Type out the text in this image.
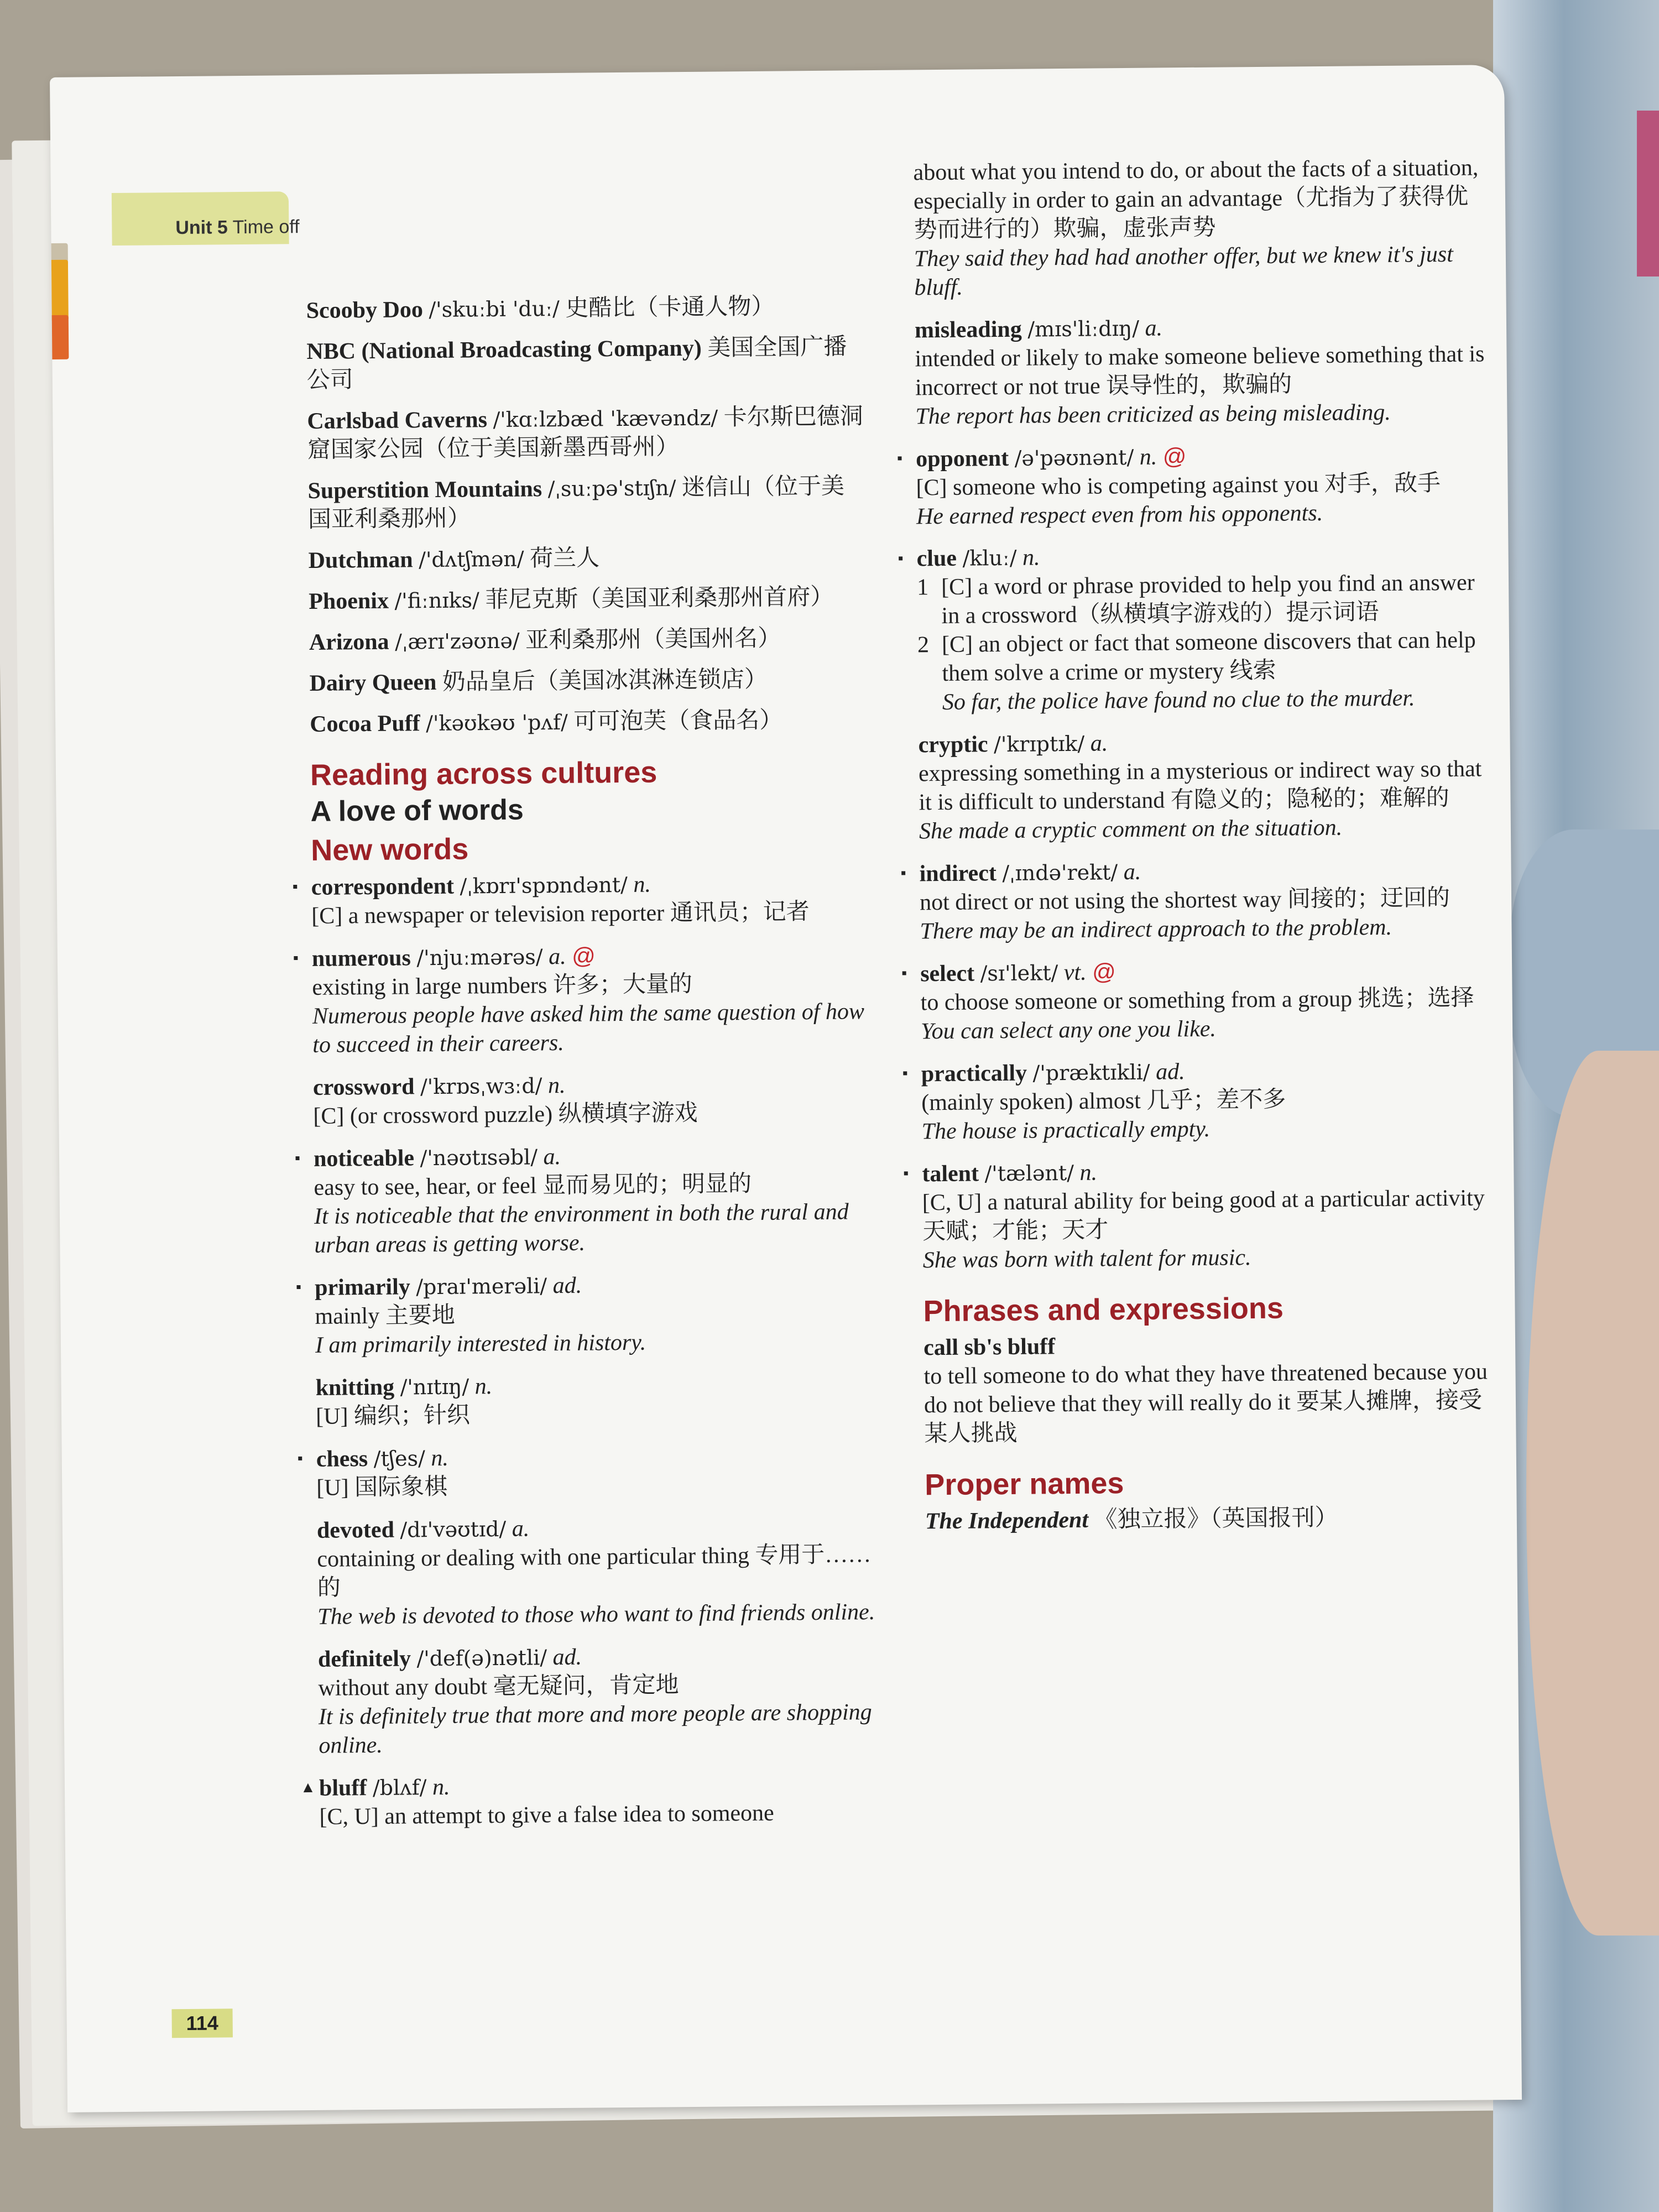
Unit 5 Time off
Scooby Doo /'skuːbi 'duː/ 史酷比（卡通人物）
NBC (National Broadcasting Company) 美国全国广播公司
Carlsbad Caverns /'kɑːlzbæd 'kævəndz/ 卡尔斯巴德洞窟国家公园（位于美国新墨西哥州）
Superstition Mountains /ˌsuːpə'stɪʃn/ 迷信山（位于美国亚利桑那州）
Dutchman /'dʌtʃmən/ 荷兰人
Phoenix /'fiːnɪks/ 菲尼克斯（美国亚利桑那州首府）
Arizona /ˌærɪ'zəʊnə/ 亚利桑那州（美国州名）
Dairy Queen 奶品皇后（美国冰淇淋连锁店）
Cocoa Puff /'kəʊkəʊ 'pʌf/ 可可泡芙（食品名）
Reading across cultures
A love of words
New words
▪ correspondent /ˌkɒrɪ'spɒndənt/ n.
[C] a newspaper or television reporter 通讯员；记者
▪ numerous /'njuːmərəs/ a. @
existing in large numbers 许多；大量的
Numerous people have asked him the same question of how to succeed in their careers.
crossword /'krɒsˌwɜːd/ n.
[C] (or crossword puzzle) 纵横填字游戏
▪ noticeable /'nəʊtɪsəbl/ a.
easy to see, hear, or feel 显而易见的；明显的
It is noticeable that the environment in both the rural and urban areas is getting worse.
▪ primarily /praɪ'merəli/ ad.
mainly 主要地
I am primarily interested in history.
knitting /'nɪtɪŋ/ n.
[U] 编织；针织
▪ chess /tʃes/ n.
[U] 国际象棋
devoted /dɪ'vəʊtɪd/ a.
containing or dealing with one particular thing 专用于……的
The web is devoted to those who want to find friends online.
definitely /'def(ə)nətli/ ad.
without any doubt 毫无疑问，肯定地
It is definitely true that more and more people are shopping online.
▲ bluff /blʌf/ n.
[C, U] an attempt to give a false idea to someone
about what you intend to do, or about the facts of a situation, especially in order to gain an advantage（尤指为了获得优势而进行的）欺骗，虚张声势
They said they had had another offer, but we knew it's just bluff.
misleading /mɪs'liːdɪŋ/ a.
intended or likely to make someone believe something that is incorrect or not true 误导性的，欺骗的
The report has been criticized as being misleading.
▪ opponent /ə'pəʊnənt/ n. @
[C] someone who is competing against you 对手，敌手
He earned respect even from his opponents.
▪ clue /kluː/ n.
1 [C] a word or phrase provided to help you find an answer in a crossword（纵横填字游戏的）提示词语
2 [C] an object or fact that someone discovers that can help them solve a crime or mystery 线索
So far, the police have found no clue to the murder.
cryptic /'krɪptɪk/ a.
expressing something in a mysterious or indirect way so that it is difficult to understand 有隐义的；隐秘的；难解的
She made a cryptic comment on the situation.
▪ indirect /ˌɪndə'rekt/ a.
not direct or not using the shortest way 间接的；迂回的
There may be an indirect approach to the problem.
▪ select /sɪ'lekt/ vt. @
to choose someone or something from a group 挑选；选择
You can select any one you like.
▪ practically /'præktɪkli/ ad.
(mainly spoken) almost 几乎；差不多
The house is practically empty.
▪ talent /'tælənt/ n.
[C, U] a natural ability for being good at a particular activity 天赋；才能；天才
She was born with talent for music.
Phrases and expressions
call sb's bluff
to tell someone to do what they have threatened because you do not believe that they will really do it 要某人摊牌，接受某人挑战
Proper names
The Independent 《独立报》（英国报刊）
114
